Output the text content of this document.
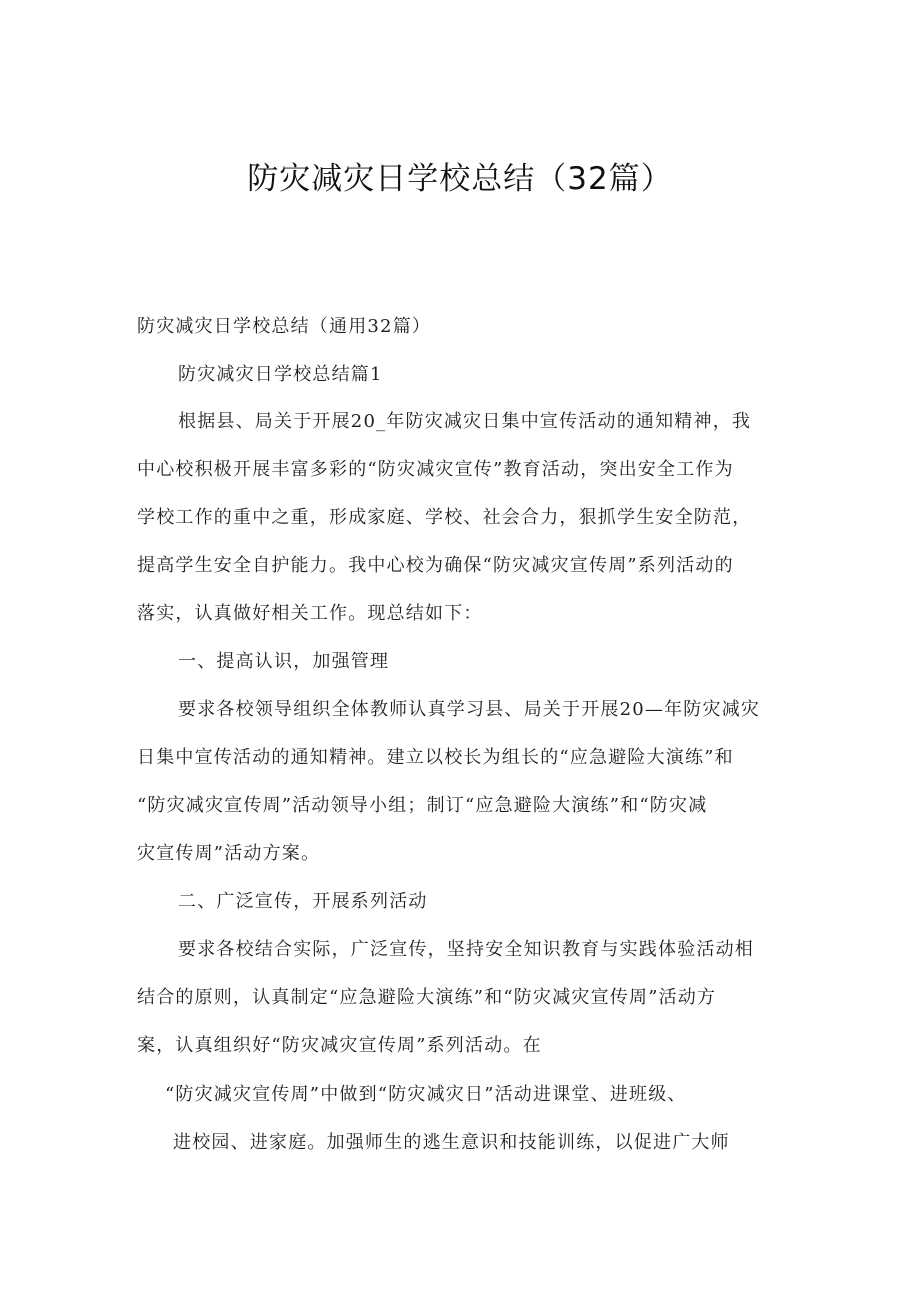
防灾减灾日学校总结（32篇）
防灾减灾日学校总结（通用32篇）
防灾减灾日学校总结篇1
根据县、局关于开展20_年防灾减灾日集中宣传活动的通知精神，我
中心校积极开展丰富多彩的“防灾减灾宣传”教育活动，突出安全工作为
学校工作的重中之重，形成家庭、学校、社会合力，狠抓学生安全防范，
提高学生安全自护能力。我中心校为确保“防灾减灾宣传周”系列活动的
落实，认真做好相关工作。现总结如下：
一、提高认识，加强管理
要求各校领导组织全体教师认真学习县、局关于开展20—年防灾减灾
日集中宣传活动的通知精神。建立以校长为组长的“应急避险大演练”和
“防灾减灾宣传周”活动领导小组；制订“应急避险大演练”和“防灾减
灾宣传周”活动方案。
二、广泛宣传，开展系列活动
要求各校结合实际，广泛宣传，坚持安全知识教育与实践体验活动相
结合的原则，认真制定“应急避险大演练”和“防灾减灾宣传周”活动方
案，认真组织好“防灾减灾宣传周”系列活动。在
“防灾减灾宣传周”中做到“防灾减灾日”活动进课堂、进班级、
进校园、进家庭。加强师生的逃生意识和技能训练，以促进广大师
